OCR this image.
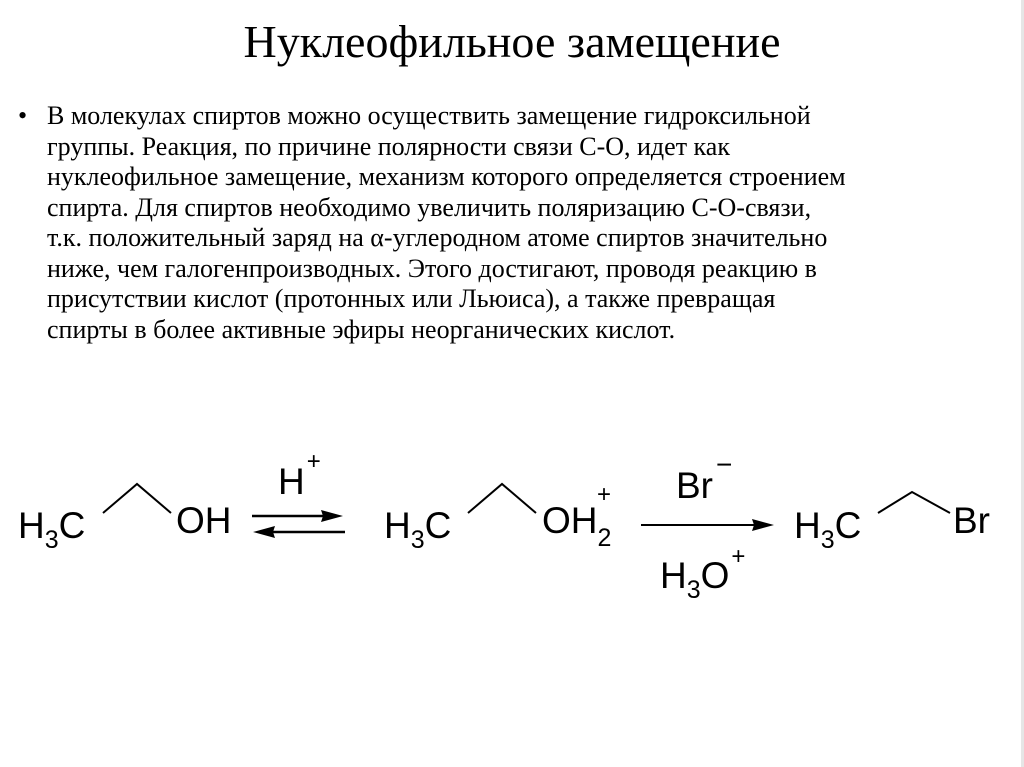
Нуклеофильное замещение
• В молекулах спиртов можно осуществить замещение гидроксильной
группы. Реакция, по причине полярности связи С-О, идет как
нуклеофильное замещение, механизм которого определяется строением
спирта. Для спиртов необходимо увеличить поляризацию С-О-связи,
т.к. положительный заряд на α-углеродном атоме спиртов значительно
ниже, чем галогенпроизводных. Этого достигают, проводя реакцию в
присутствии кислот (протонных или Льюиса), а также превращая
спирты в более активные эфиры неорганических кислот.

$H_3C$ OH
H+
$H_3C$ $OH_2$
+ Br−
$H_3O^+$
$H_3C$ Br
